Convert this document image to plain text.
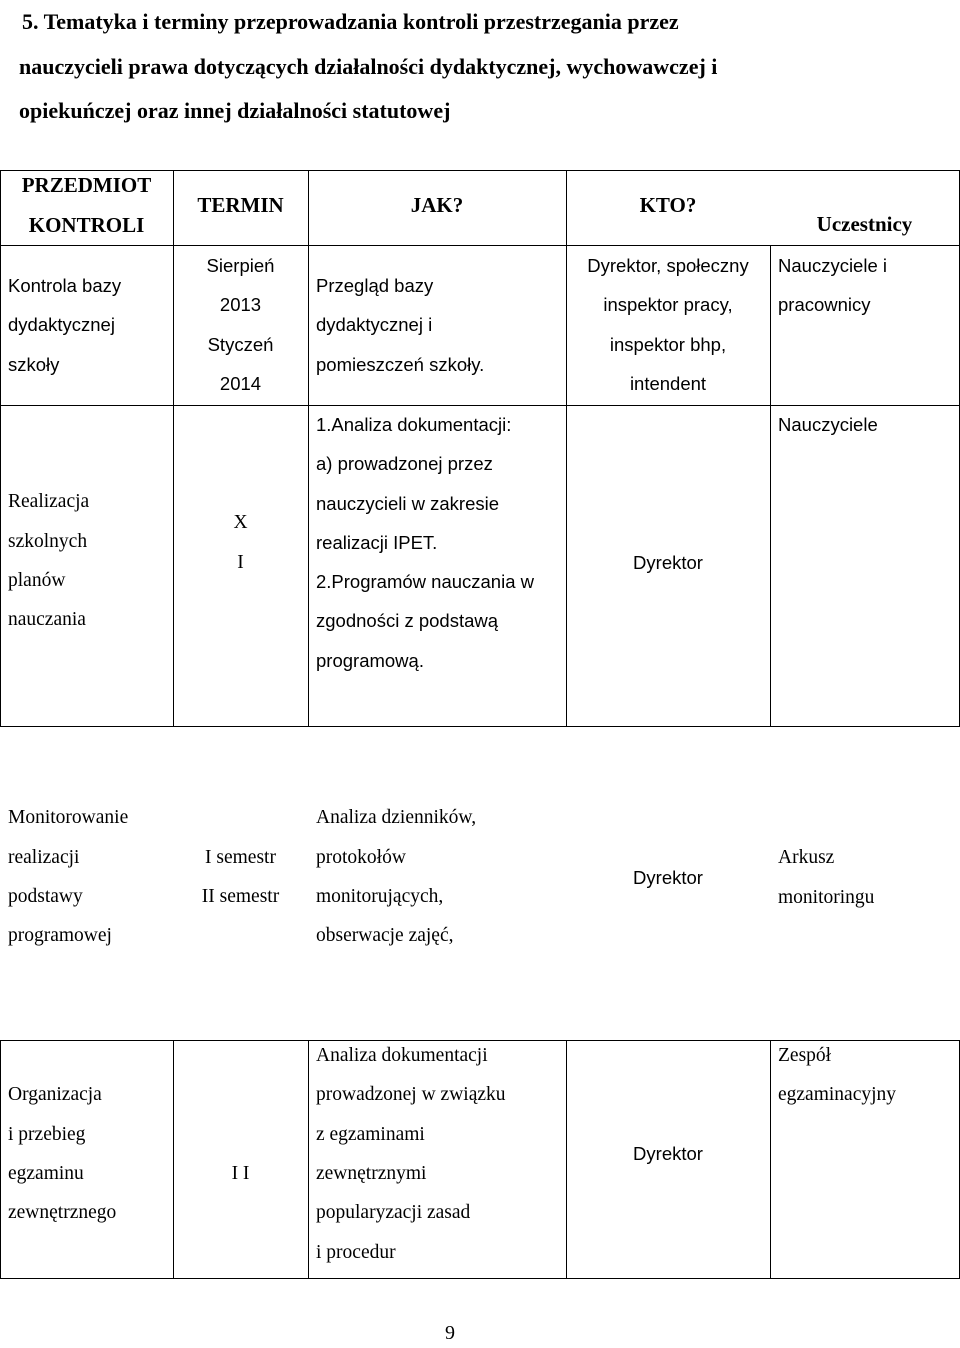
5. Tematyka i terminy przeprowadzania kontroli przestrzegania przez
nauczycieli prawa dotyczących działalności dydaktycznej, wychowawczej i
opiekuńczej oraz innej działalności statutowej
PRZEDMIOT
KONTROLI
TERMIN	JAK?	KTO?
Uczestnicy
Kontrola bazy
dydaktycznej
szkoły
Sierpień
2013
Styczeń
2014
Przegląd bazy
dydaktycznej i
pomieszczeń szkoły.
Dyrektor, społeczny
inspektor pracy,
inspektor bhp,
intendent
Nauczyciele i
pracownicy
Realizacja
szkolnych
planów
nauczania
X
I
1.Analiza dokumentacji:
a) prowadzonej przez
nauczycieli w zakresie
realizacji IPET.
2.Programów nauczania w
zgodności z podstawą
programową.
Dyrektor
Nauczyciele
Monitorowanie
realizacji
podstawy
programowej
I semestr
II semestr
Analiza dzienników,
protokołów
monitorujących,
obserwacje zajęć,
Dyrektor
Arkusz
monitoringu
Organizacja
i przebieg
egzaminu
zewnętrznego
I I
Analiza dokumentacji
prowadzonej w związku
z egzaminami
zewnętrznymi
popularyzacji zasad
i procedur
Dyrektor
Zespół
egzaminacyjny
9
